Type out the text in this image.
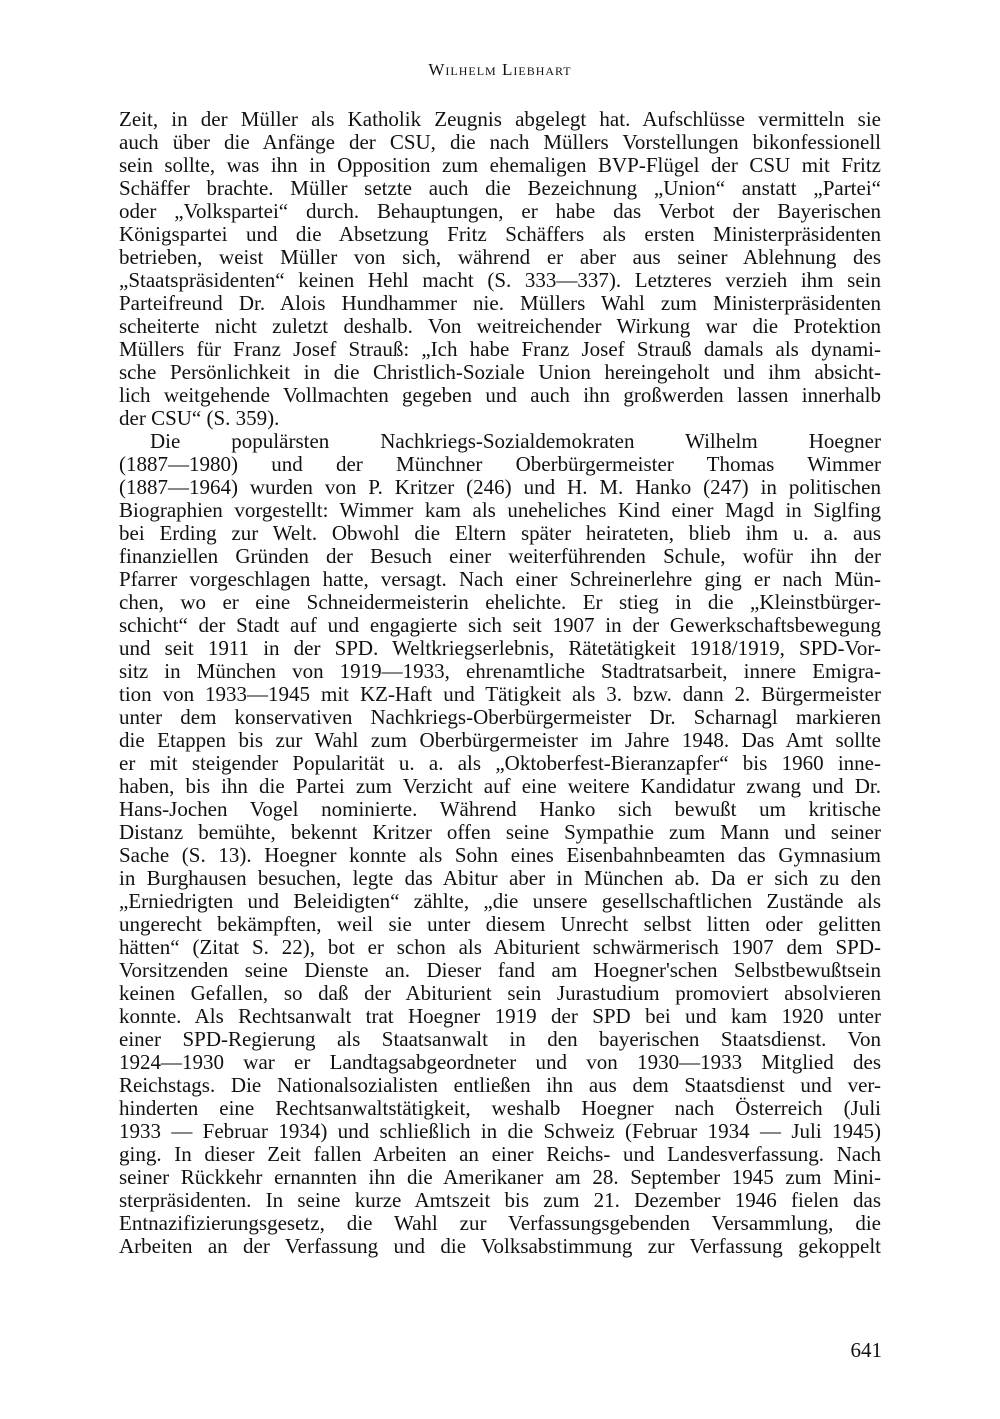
Wilhelm Liebhart
Zeit, in der Müller als Katholik Zeugnis abgelegt hat. Aufschlüsse vermitteln sie
auch über die Anfänge der CSU, die nach Müllers Vorstellungen bikonfessionell
sein sollte, was ihn in Opposition zum ehemaligen BVP-Flügel der CSU mit Fritz
Schäffer brachte. Müller setzte auch die Bezeichnung „Union“ anstatt „Partei“
oder „Volkspartei“ durch. Behauptungen, er habe das Verbot der Bayerischen
Königspartei und die Absetzung Fritz Schäffers als ersten Ministerpräsidenten
betrieben, weist Müller von sich, während er aber aus seiner Ablehnung des
„Staatspräsidenten“ keinen Hehl macht (S. 333—337). Letzteres verzieh ihm sein
Parteifreund Dr. Alois Hundhammer nie. Müllers Wahl zum Ministerpräsidenten
scheiterte nicht zuletzt deshalb. Von weitreichender Wirkung war die Protektion
Müllers für Franz Josef Strauß: „Ich habe Franz Josef Strauß damals als dynami-
sche Persönlichkeit in die Christlich-Soziale Union hereingeholt und ihm absicht-
lich weitgehende Vollmachten gegeben und auch ihn großwerden lassen innerhalb
der CSU“ (S. 359).
Die populärsten Nachkriegs-Sozialdemokraten Wilhelm Hoegner
(1887—1980) und der Münchner Oberbürgermeister Thomas Wimmer
(1887—1964) wurden von P. Kritzer (246) und H. M. Hanko (247) in politischen
Biographien vorgestellt: Wimmer kam als uneheliches Kind einer Magd in Siglfing
bei Erding zur Welt. Obwohl die Eltern später heirateten, blieb ihm u. a. aus
finanziellen Gründen der Besuch einer weiterführenden Schule, wofür ihn der
Pfarrer vorgeschlagen hatte, versagt. Nach einer Schreinerlehre ging er nach Mün-
chen, wo er eine Schneidermeisterin ehelichte. Er stieg in die „Kleinstbürger-
schicht“ der Stadt auf und engagierte sich seit 1907 in der Gewerkschaftsbewegung
und seit 1911 in der SPD. Weltkriegserlebnis, Rätetätigkeit 1918/1919, SPD-Vor-
sitz in München von 1919—1933, ehrenamtliche Stadtratsarbeit, innere Emigra-
tion von 1933—1945 mit KZ-Haft und Tätigkeit als 3. bzw. dann 2. Bürgermeister
unter dem konservativen Nachkriegs-Oberbürgermeister Dr. Scharnagl markieren
die Etappen bis zur Wahl zum Oberbürgermeister im Jahre 1948. Das Amt sollte
er mit steigender Popularität u. a. als „Oktoberfest-Bieranzapfer“ bis 1960 inne-
haben, bis ihn die Partei zum Verzicht auf eine weitere Kandidatur zwang und Dr.
Hans-Jochen Vogel nominierte. Während Hanko sich bewußt um kritische
Distanz bemühte, bekennt Kritzer offen seine Sympathie zum Mann und seiner
Sache (S. 13). Hoegner konnte als Sohn eines Eisenbahnbeamten das Gymnasium
in Burghausen besuchen, legte das Abitur aber in München ab. Da er sich zu den
„Erniedrigten und Beleidigten“ zählte, „die unsere gesellschaftlichen Zustände als
ungerecht bekämpften, weil sie unter diesem Unrecht selbst litten oder gelitten
hätten“ (Zitat S. 22), bot er schon als Abiturient schwärmerisch 1907 dem SPD-
Vorsitzenden seine Dienste an. Dieser fand am Hoegner'schen Selbstbewußtsein
keinen Gefallen, so daß der Abiturient sein Jurastudium promoviert absolvieren
konnte. Als Rechtsanwalt trat Hoegner 1919 der SPD bei und kam 1920 unter
einer SPD-Regierung als Staatsanwalt in den bayerischen Staatsdienst. Von
1924—1930 war er Landtagsabgeordneter und von 1930—1933 Mitglied des
Reichstags. Die Nationalsozialisten entließen ihn aus dem Staatsdienst und ver-
hinderten eine Rechtsanwaltstätigkeit, weshalb Hoegner nach Österreich (Juli
1933 — Februar 1934) und schließlich in die Schweiz (Februar 1934 — Juli 1945)
ging. In dieser Zeit fallen Arbeiten an einer Reichs- und Landesverfassung. Nach
seiner Rückkehr ernannten ihn die Amerikaner am 28. September 1945 zum Mini-
sterpräsidenten. In seine kurze Amtszeit bis zum 21. Dezember 1946 fielen das
Entnazifizierungsgesetz, die Wahl zur Verfassungsgebenden Versammlung, die
Arbeiten an der Verfassung und die Volksabstimmung zur Verfassung gekoppelt
641
